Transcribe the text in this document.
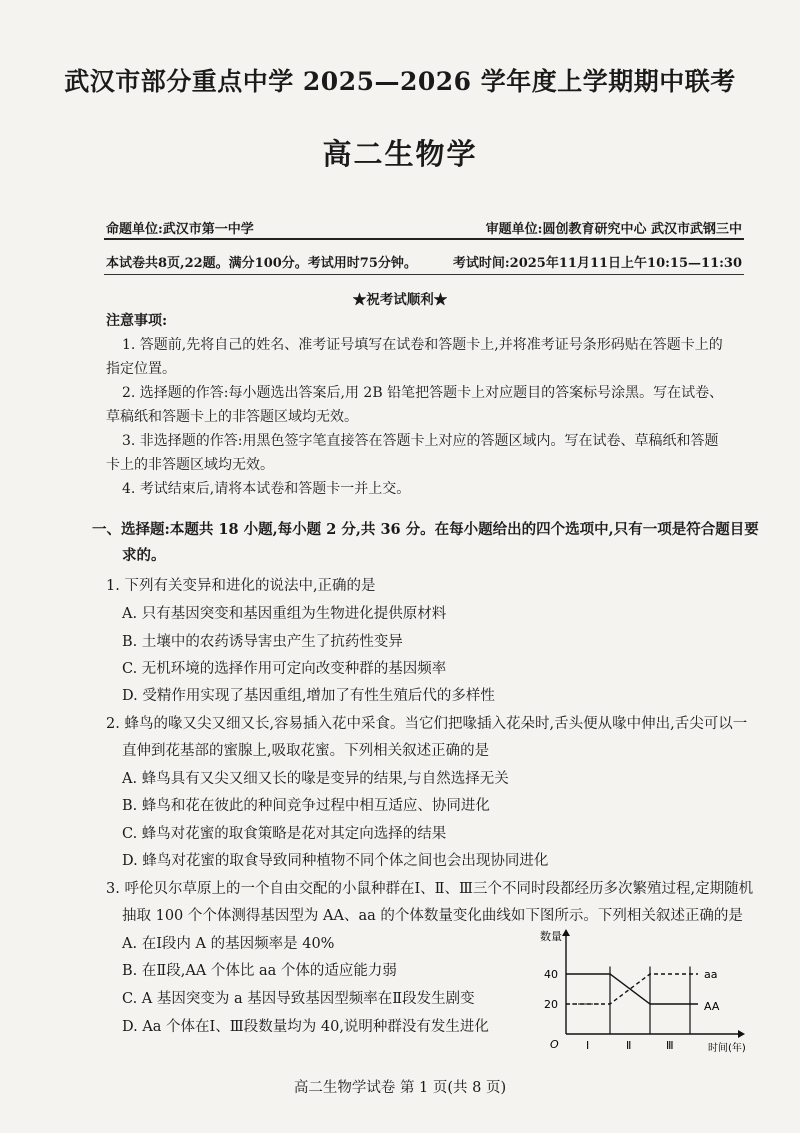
武汉市部分重点中学 2025—2026 学年度上学期期中联考
高二生物学
命题单位:武汉市第一中学	审题单位:圆创教育研究中心 武汉市武钢三中
本试卷共8页,22题。满分100分。考试用时75分钟。	考试时间:2025年11月11日上午10:15—11:30
★祝考试顺利★
注意事项:
1. 答题前,先将自己的姓名、准考证号填写在试卷和答题卡上,并将准考证号条形码贴在答题卡上的
指定位置。
2. 选择题的作答:每小题选出答案后,用 2B 铅笔把答题卡上对应题目的答案标号涂黑。写在试卷、
草稿纸和答题卡上的非答题区域均无效。
3. 非选择题的作答:用黑色签字笔直接答在答题卡上对应的答题区域内。写在试卷、草稿纸和答题
卡上的非答题区域均无效。
4. 考试结束后,请将本试卷和答题卡一并上交。
一、选择题:本题共 18 小题,每小题 2 分,共 36 分。在每小题给出的四个选项中,只有一项是符合题目要
求的。
1. 下列有关变异和进化的说法中,正确的是
A. 只有基因突变和基因重组为生物进化提供原材料
B. 土壤中的农药诱导害虫产生了抗药性变异
C. 无机环境的选择作用可定向改变种群的基因频率
D. 受精作用实现了基因重组,增加了有性生殖后代的多样性
2. 蜂鸟的喙又尖又细又长,容易插入花中采食。当它们把喙插入花朵时,舌头便从喙中伸出,舌尖可以一
直伸到花基部的蜜腺上,吸取花蜜。下列相关叙述正确的是
A. 蜂鸟具有又尖又细又长的喙是变异的结果,与自然选择无关
B. 蜂鸟和花在彼此的种间竞争过程中相互适应、协同进化
C. 蜂鸟对花蜜的取食策略是花对其定向选择的结果
D. 蜂鸟对花蜜的取食导致同种植物不同个体之间也会出现协同进化
3. 呼伦贝尔草原上的一个自由交配的小鼠种群在Ⅰ、Ⅱ、Ⅲ三个不同时段都经历多次繁殖过程,定期随机
抽取 100 个个体测得基因型为 AA、aa 的个体数量变化曲线如下图所示。下列相关叙述正确的是
A. 在Ⅰ段内 A 的基因频率是 40%
B. 在Ⅱ段,AA 个体比 aa 个体的适应能力弱
C. A 基因突变为 a 基因导致基因型频率在Ⅱ段发生剧变
D. Aa 个体在Ⅰ、Ⅲ段数量均为 40,说明种群没有发生进化
数量
时间(年)
O
20
40
Ⅰ	Ⅱ	Ⅲ
aa
AA
高二生物学试卷 第 1 页(共 8 页)
